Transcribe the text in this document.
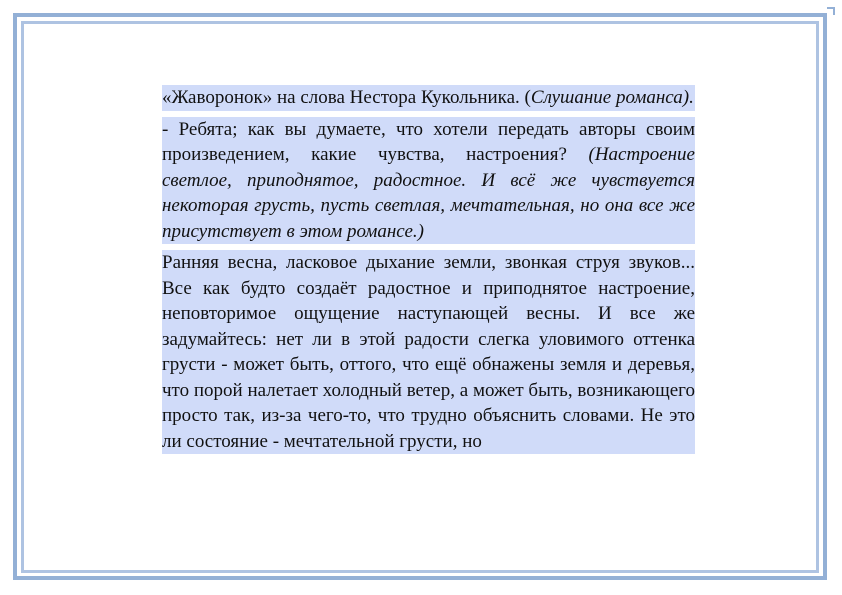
«Жаворонок» на слова Нестора Кукольника. (Слушание романса).

- Ребята; как вы думаете, что хотели передать авторы своим произведением, какие чувства, настроения? (Настроение светлое, приподнятое, радостное. И всё же чувствуется некоторая грусть, пусть светлая, мечтательная, но она все же присутствует в этом романсе.)

Ранняя весна, ласковое дыхание земли, звонкая струя звуков... Все как будто создаёт радостное и приподнятое настроение, неповторимое ощущение наступающей весны. И все же задумайтесь: нет ли в этой радости слегка уловимого оттенка грусти - может быть, оттого, что ещё обнажены земля и деревья, что порой налетает холодный ветер, а может быть, возникающего просто так, из-за чего-то, что трудно объяснить словами. Не это ли состояние - мечтательной грусти, но
